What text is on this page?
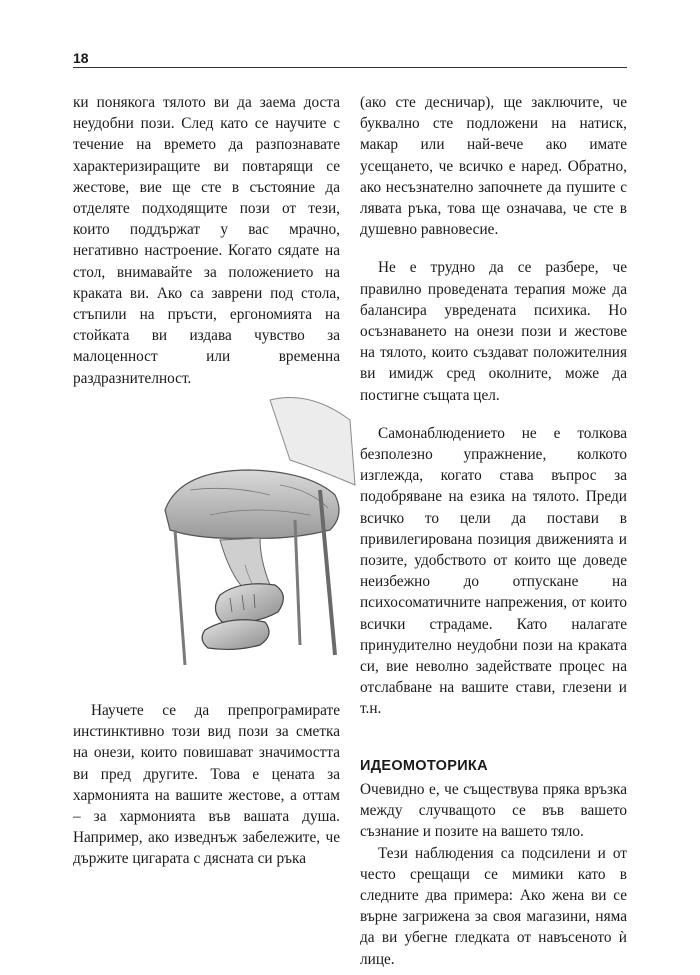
18

ки понякога тялото ви да заема доста неудобни пози. След като се научите с течение на времето да разпознавате характеризиращите ви повтарящи се жестове, вие ще сте в състояние да отделяте подходящите пози от тези, които поддържат у вас мрачно, негативно настроение. Когато сядате на стол, внимавайте за положението на краката ви. Ако са заврени под стола, стъпили на пръсти, ергономията на стойката ви издава чувство за малоценност или временна раздразнителност.

Научете се да препрограмирате инстинктивно този вид пози за сметка на онези, които повишават значимостта ви пред другите. Това е цената за хармонията на вашите жестове, а оттам – за хармонията във вашата душа. Например, ако изведнъж забележите, че държите цигарата с дясната си ръка

(ако сте десничар), ще заключите, че буквално сте подложени на натиск, макар или най-вече ако имате усещането, че всичко е наред. Обратно, ако несъзнателно започнете да пушите с лявата ръка, това ще означава, че сте в душевно равновесие.

Не е трудно да се разбере, че правилно проведената терапия може да балансира увредената психика. Но осъзнаването на онези пози и жестове на тялото, които създават положителния ви имидж сред околните, може да постигне същата цел.

Самонаблюдението не е толкова безполезно упражнение, колкото изглежда, когато става въпрос за подобряване на езика на тялото. Преди всичко то цели да постави в привилегирована позиция движенията и позите, удобството от които ще доведе неизбежно до отпускане на психосоматичните напрежения, от които всички страдаме. Като налагате принудително неудобни пози на краката си, вие неволно задействате процес на отслабване на вашите стави, глезени и т.н.

ИДЕОМОТОРИКА

Очевидно е, че съществува пряка връзка между случващото се във вашето съзнание и позите на вашето тяло.

Тези наблюдения са подсилени и от често срещащи се мимики като в следните два примера: Ако жена ви се върне загрижена за своя магазини, няма да ви убегне гледката от навъсеното ѝ лице.
